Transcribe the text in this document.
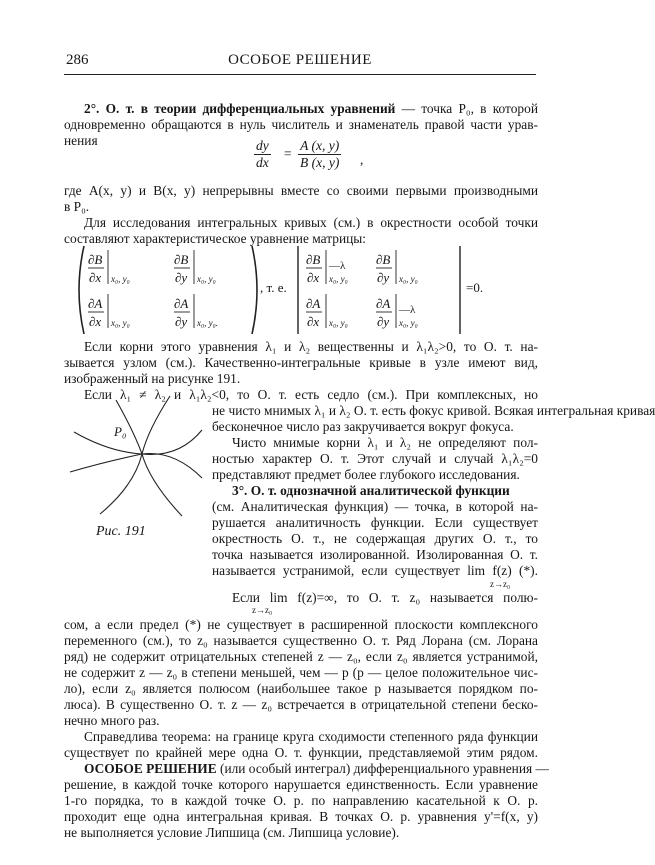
286	ОСОБОЕ РЕШЕНИЕ
2°. О. т. в теории дифференциальных уравнений — точка P₀, в которой
одновременно обращаются в нуль числитель и знаменатель правой части урав-
нения	$\frac{dy}{dx} = \frac{A (x, y)}{B (x, y)}$ ,
где A(x, y) и B(x, y) непрерывны вместе со своими первыми производными
в P₀.
Для исследования интегральных кривых (см.) в окрестности особой точки
составляют характеристическое уравнение матрицы:
∂B
∂x x₀, y₀
∂B
∂y x₀, y₀
∂A
∂x x₀, y₀
∂A
∂y x₀, y₀.
, т. е.
∂B
∂x
—λ
x₀, y₀
∂B
∂y x₀, y₀
∂A
∂x x₀, y₀
∂A
∂y
—λ
x₀, y₀
=0.
Если корни этого уравнения λ₁ и λ₂ вещественны и λ₁λ₂>0, то О. т. на-
зывается узлом (см.). Качественно-интегральные кривые в узле имеют вид,
изображенный на рисунке 191.
Если λ₁ ≠ λ₂ и λ₁λ₂<0, то О. т. есть седло (см.). При комплексных, но
P₀
Рис. 191
не чисто мнимых λ₁ и λ₂ О. т. есть фокус кривой. Всякая интегральная кривая
бесконечное число раз закручивается вокруг фокуса.
Чисто мнимые корни λ₁ и λ₂ не определяют пол-
ностью характер О. т. Этот случай и случай λ₁λ₂=0
представляют предмет более глубокого исследования.
3°. О. т. однозначной аналитической функции
(см. Аналитическая функция) — точка, в которой на-
рушается аналитичность функции. Если существует
окрестность О. т., не содержащая других О. т., то
точка называется изолированной. Изолированная О. т.
называется устранимой, если существует lim f(z) (*).
z→z₀
Если lim f(z)=∞, то О. т. z₀ называется полю-
z→z₀
сом, а если предел (*) не существует в расширенной плоскости комплексного
переменного (см.), то z₀ называется существенно О. т. Ряд Лорана (см. Лорана
ряд) не содержит отрицательных степеней z — z₀, если z₀ является устранимой,
не содержит z — z₀ в степени меньшей, чем — p (p — целое положительное чис-
ло), если z₀ является полюсом (наибольшее такое p называется порядком по-
люса). В существенно О. т. z — z₀ встречается в отрицательной степени беско-
нечно много раз.
Справедлива теорема: на границе круга сходимости степенного ряда функции
существует по крайней мере одна О. т. функции, представляемой этим рядом.
ОСОБОЕ РЕШЕНИЕ (или особый интеграл) дифференциального уравнения —
решение, в каждой точке которого нарушается единственность. Если уравнение
1-го порядка, то в каждой точке О. р. по направлению касательной к О. р.
проходит еще одна интегральная кривая. В точках О. р. уравнения y'=f(x, y)
не выполняется условие Липшица (см. Липшица условие).
